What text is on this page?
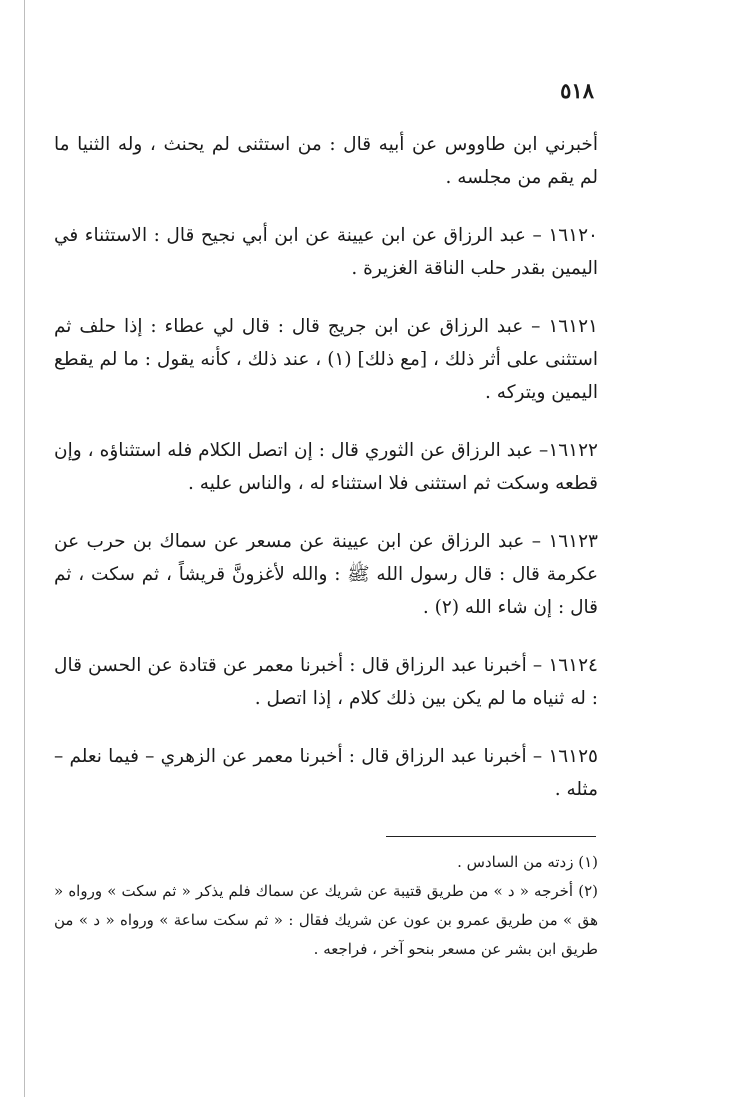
٥١٨

أخبرني ابن طاووس عن أبيه قال : من استثنى لم يحنث ، وله الثنيا ما لم يقم من مجلسه .

١٦١٢٠ – عبد الرزاق عن ابن عيينة عن ابن أبي نجيح قال : الاستثناء في اليمين بقدر حلب الناقة الغزيرة .

١٦١٢١ – عبد الرزاق عن ابن جريج قال : قال لي عطاء : إذا حلف ثم استثنى على أثر ذلك ، [مع ذلك] (١) ، عند ذلك ، كأنه يقول : ما لم يقطع اليمين ويتركه .

١٦١٢٢– عبد الرزاق عن الثوري قال : إن اتصل الكلام فله استثناؤه ، وإن قطعه وسكت ثم استثنى فلا استثناء له ، والناس عليه .

١٦١٢٣ – عبد الرزاق عن ابن عيينة عن مسعر عن سماك بن حرب عن عكرمة قال : قال رسول الله ﷺ : والله لأغزونَّ قريشاً ، ثم سكت ، ثم قال : إن شاء الله (٢) .

١٦١٢٤ – أخبرنا عبد الرزاق قال : أخبرنا معمر عن قتادة عن الحسن قال : له ثنياه ما لم يكن بين ذلك كلام ، إذا اتصل .

١٦١٢٥ – أخبرنا عبد الرزاق قال : أخبرنا معمر عن الزهري – فيما نعلم – مثله .

(١) زدته من السادس .

(٢) أخرجه « د » من طريق قتيبة عن شريك عن سماك فلم يذكر « ثم سكت » ورواه « هق » من طريق عمرو بن عون عن شريك فقال : « ثم سكت ساعة » ورواه « د » من طريق ابن بشر عن مسعر بنحو آخر ، فراجعه .
